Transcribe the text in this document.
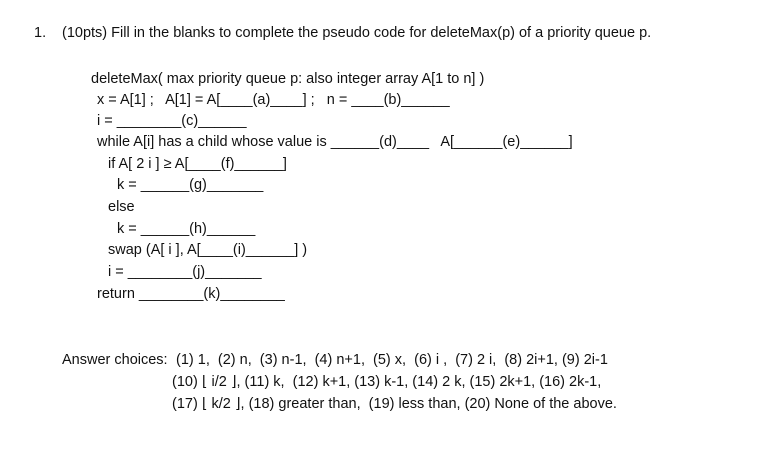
1. (10pts) Fill in the blanks to complete the pseudo code for deleteMax(p) of a priority queue p.
deleteMax( max priority queue p: also integer array A[1 to n] )
x = A[1] ;   A[1] = A[____(a)____] ;   n = ____(b)______
i = ________(c)______
while A[i] has a child whose value is ______(d)____   A[______(e)______]
if A[ 2 i ] ≥ A[____(f)______]
k = ______(g)_______
else
k = ______(h)______
swap (A[ i ], A[____(i)______] )
i = ________(j)_______
return ________(k)________
Answer choices: (1) 1,  (2) n,  (3) n-1,  (4) n+1,  (5) x,  (6) i ,  (7) 2 i,  (8) 2i+1, (9) 2i-1
(10) ⌊ i/2 ⌋, (11) k,  (12) k+1, (13) k-1, (14) 2 k, (15) 2k+1, (16) 2k-1,
(17) ⌊ k/2 ⌋, (18) greater than,  (19) less than, (20) None of the above.
